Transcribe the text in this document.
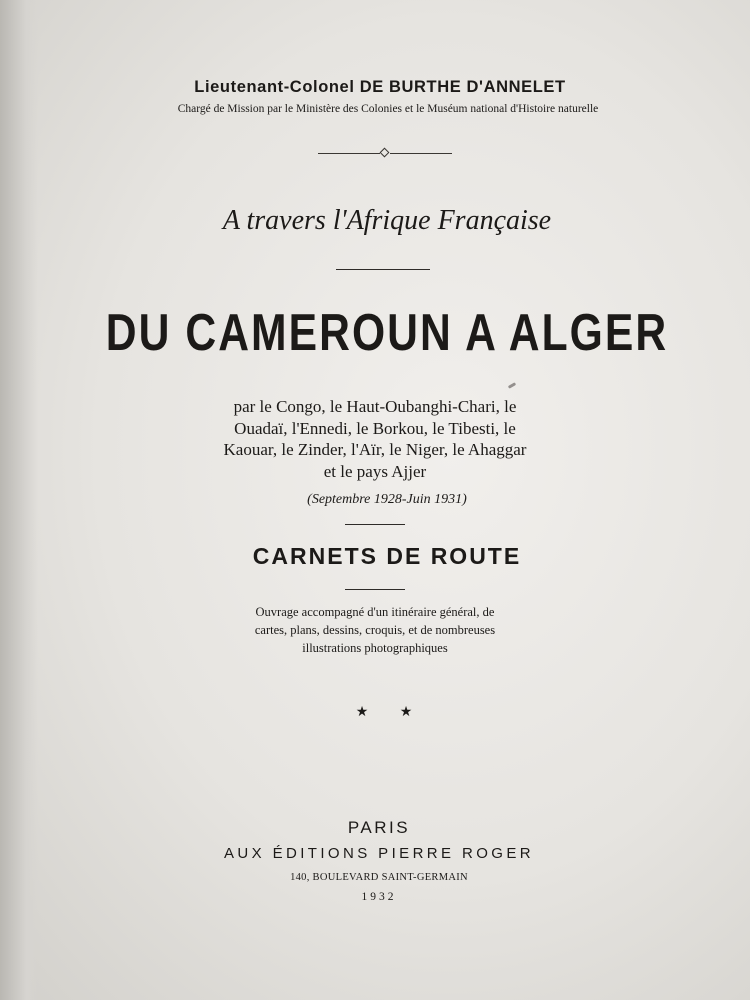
Lieutenant-Colonel DE BURTHE D'ANNELET
Chargé de Mission par le Ministère des Colonies et le Muséum national d'Histoire naturelle
A travers l'Afrique Française
DU CAMEROUN A ALGER
par le Congo, le Haut-Oubanghi-Chari, le
Ouadaï, l'Ennedi, le Borkou, le Tibesti, le
Kaouar, le Zinder, l'Aïr, le Niger, le Ahaggar
et le pays Ajjer
(Septembre 1928-Juin 1931)
CARNETS DE ROUTE
Ouvrage accompagné d'un itinéraire général, de
cartes, plans, dessins, croquis, et de nombreuses
illustrations photographiques
★ ★
PARIS
AUX ÉDITIONS PIERRE ROGER
140, BOULEVARD SAINT-GERMAIN
1932
